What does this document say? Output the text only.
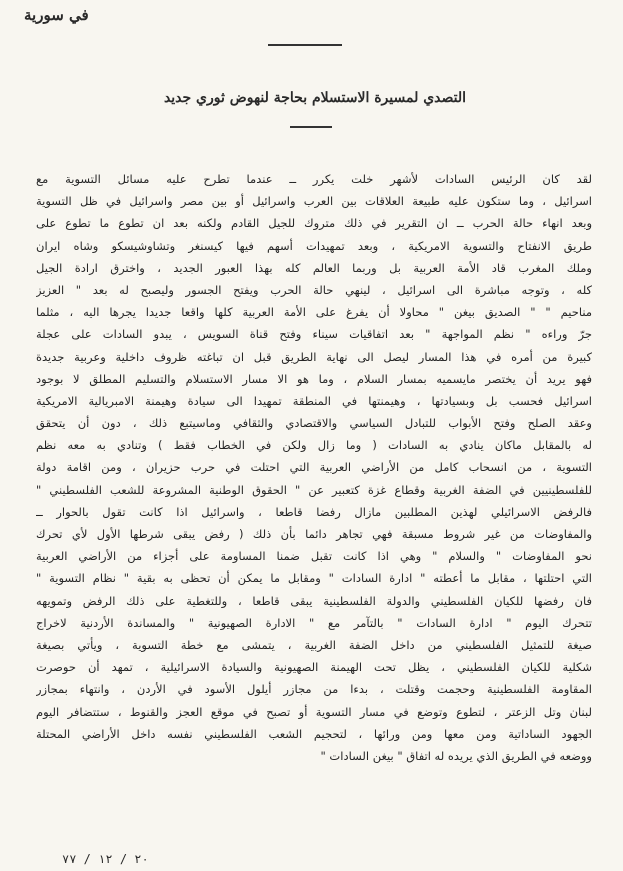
في سورية
التصدي لمسيرة الاستسلام بحاجة لنهوض ثوري جديد
لقد كان الرئيس السادات لأشهر خلت يكرر ــ عندما تطرح عليه مسائل التسوية مع
اسرائيل ، وما ستكون عليه طبيعة العلاقات بين العرب واسرائيل أو بين مصر واسرائيل في ظل التسوية
وبعد انهاء حالة الحرب ــ ان التقرير في ذلك متروك للجيل القادم ولكنه بعد ان تطوع ما تطوع على
طريق الانفتاح والتسوية الامريكية ، وبعد تمهيدات أسهم فيها كيسنغر وتشاوشيسكو وشاه ايران
وملك المغرب قاد الأمة العربية بل وربما العالم كله بهذا العبور الجديد ، واخترق ارادة الجيل
كله ، وتوجه مباشرة الى اسرائيل ، لينهي حالة الحرب ويفتح الجسور وليصبح له بعد " العزيز
مناحيم " " الصديق بيغن " محاولا أن يفرغ على الأمة العربية كلها واقعا جديدا يجرها اليه ، مثلما
جرّ وراءه " نظم المواجهة " بعد اتفاقيات سيناء وفتح قناة السويس ، يبدو السادات على عجلة
كبيرة من أمره في هذا المسار ليصل الى نهاية الطريق قبل ان تباغته ظروف داخلية وعربية جديدة
فهو يريد أن يختصر مايسميه بمسار السلام ، وما هو الا مسار الاستسلام والتسليم المطلق لا بوجود
اسرائيل فحسب بل وبسيادتها ، وهيمنتها في المنطقة تمهيدا الى سيادة وهيمنة الامبريالية الامريكية
وعقد الصلح وفتح الأبواب للتبادل السياسي والاقتصادي والثقافي وماسيتبع ذلك ، دون أن يتحقق
له بالمقابل ماكان ينادي به السادات ( وما زال ولكن في الخطاب فقط ) وتنادي به معه نظم
التسوية ، من انسحاب كامل من الأراضي العربية التي احتلت في حرب حزيران ، ومن اقامة دولة
للفلسطينيين في الضفة الغربية وقطاع غزة كتعبير عن " الحقوق الوطنية المشروعة للشعب الفلسطيني "
فالرفض الاسرائيلي لهذين المطلبين مازال رفضا قاطعا ، واسرائيل اذا كانت تقول بالحوار ــ
والمفاوضات من غير شروط مسبقة فهي تجاهر دائما بأن ذلك ( رفض يبقى شرطها الأول لأي تحرك
نحو المفاوضات " والسلام " وهي اذا كانت تقبل ضمنا المساومة على أجزاء من الأراضي العربية
التي احتلتها ، مقابل ما أعطته " ادارة السادات " ومقابل ما يمكن أن تحظى به بقية " نظام التسوية "
فان رفضها للكيان الفلسطيني والدولة الفلسطينية يبقى قاطعا ، وللتغطية على ذلك الرفض وتمويهه
تتحرك اليوم " ادارة السادات " بالتآمر مع " الادارة الصهيونية " والمساندة الأردنية لاخراج
صيغة للتمثيل الفلسطيني من داخل الضفة الغربية ، يتمشى مع خطة التسوية ، ويأتي بصيغة
شكلية للكيان الفلسطيني ، يظل تحت الهيمنة الصهيونية والسيادة الاسرائيلية ، تمهد أن حوصرت
المقاومة الفلسطينية وحجمت وقتلت ، بدءا من مجازر أيلول الأسود في الأردن ، وانتهاء بمجازر
لبنان وتل الزعتر ، لتطوع وتوضع في مسار التسوية أو تصبح في موقع العجز والقنوط ، ستتضافر اليوم
الجهود الساداتية ومن معها ومن ورائها ، لتحجيم الشعب الفلسطيني نفسه داخل الأراضي المحتلة
ووضعه في الطريق الذي يريده له اتفاق " بيغن السادات "
٢٠ / ١٢ / ٧٧
